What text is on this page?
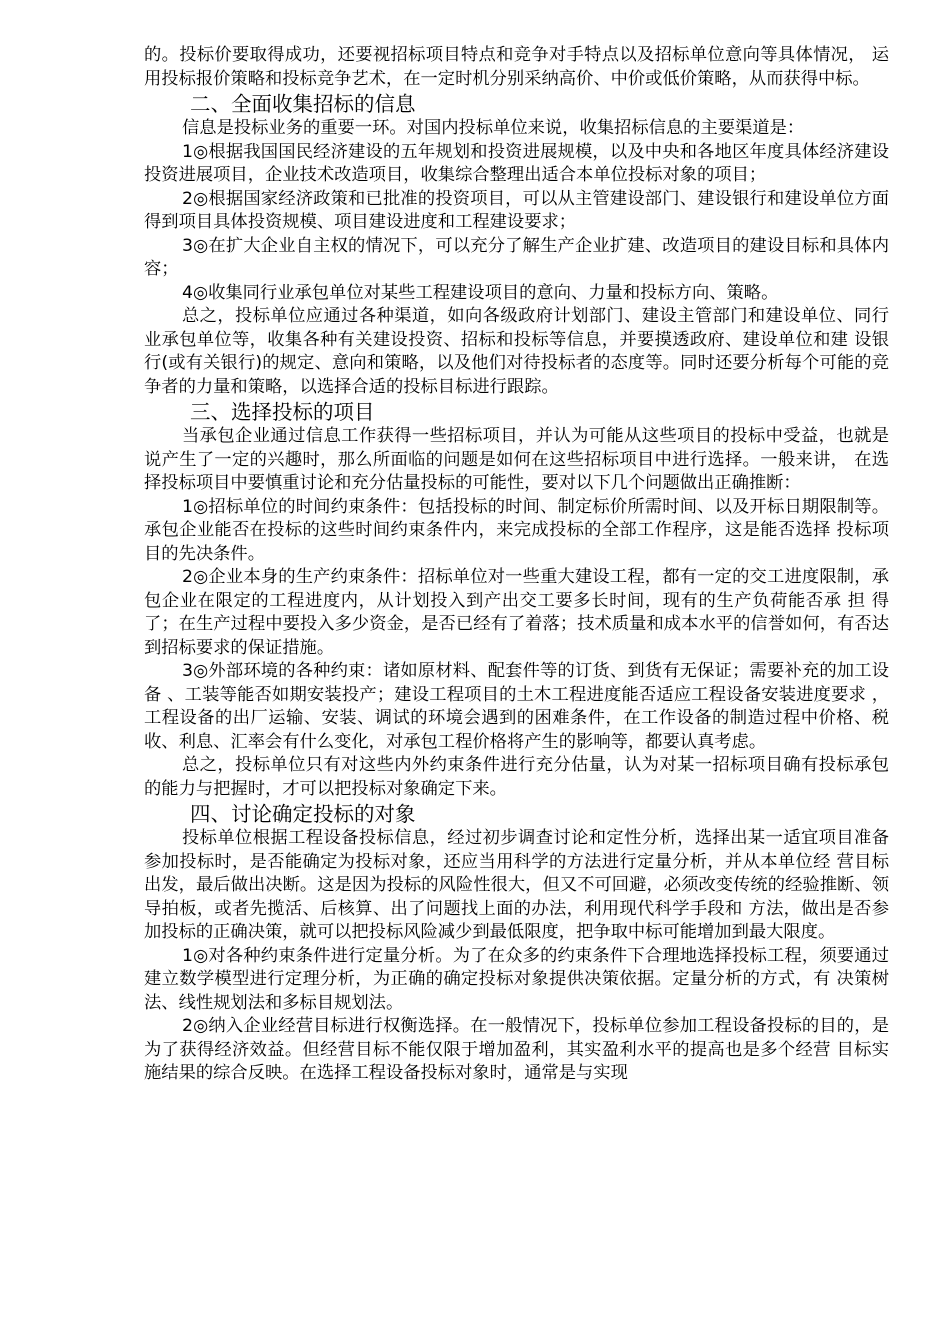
的。投标价要取得成功，还要视招标项目特点和竞争对手特点以及招标单位意向等具体情况， 运用投标报价策略和投标竞争艺术，在一定时机分别采纳高价、中价或低价策略，从而获得中标。

二、全面收集招标的信息

信息是投标业务的重要一环。对国内投标单位来说，收集招标信息的主要渠道是：

1◎根据我国国民经济建设的五年规划和投资进展规模，以及中央和各地区年度具体经济建设投资进展项目，企业技术改造项目，收集综合整理出适合本单位投标对象的项目；

2◎根据国家经济政策和已批准的投资项目，可以从主管建设部门、建设银行和建设单位方面得到项目具体投资规模、项目建设进度和工程建设要求；

3◎在扩大企业自主权的情况下，可以充分了解生产企业扩建、改造项目的建设目标和具体内容；

4◎收集同行业承包单位对某些工程建设项目的意向、力量和投标方向、策略。

总之，投标单位应通过各种渠道，如向各级政府计划部门、建设主管部门和建设单位、同行业承包单位等，收集各种有关建设投资、招标和投标等信息，并要摸透政府、建设单位和建 设银行(或有关银行)的规定、意向和策略，以及他们对待投标者的态度等。同时还要分析每个可能的竞争者的力量和策略，以选择合适的投标目标进行跟踪。

三、选择投标的项目

当承包企业通过信息工作获得一些招标项目，并认为可能从这些项目的投标中受益，也就是说产生了一定的兴趣时，那么所面临的问题是如何在这些招标项目中进行选择。一般来讲， 在选择投标项目中要慎重讨论和充分估量投标的可能性，要对以下几个问题做出正确推断：

1◎招标单位的时间约束条件：包括投标的时间、制定标价所需时间、以及开标日期限制等。承包企业能否在投标的这些时间约束条件内，来完成投标的全部工作程序，这是能否选择 投标项目的先决条件。

2◎企业本身的生产约束条件：招标单位对一些重大建设工程，都有一定的交工进度限制，承包企业在限定的工程进度内，从计划投入到产出交工要多长时间，现有的生产负荷能否承 担 得了；在生产过程中要投入多少资金，是否已经有了着落；技术质量和成本水平的信誉如何，有否达到招标要求的保证措施。

3◎外部环境的各种约束：诸如原材料、配套件等的订货、到货有无保证；需要补充的加工设备 、工装等能否如期安装投产；建设工程项目的土木工程进度能否适应工程设备安装进度要求 ，工程设备的出厂运输、安装、调试的环境会遇到的困难条件，在工作设备的制造过程中价格、税收、利息、汇率会有什么变化，对承包工程价格将产生的影响等，都要认真考虑。

总之，投标单位只有对这些内外约束条件进行充分估量，认为对某一招标项目确有投标承包的能力与把握时，才可以把投标对象确定下来。

四、讨论确定投标的对象

投标单位根据工程设备投标信息，经过初步调查讨论和定性分析，选择出某一适宜项目准备参加投标时，是否能确定为投标对象，还应当用科学的方法进行定量分析，并从本单位经 营目标出发，最后做出决断。这是因为投标的风险性很大，但又不可回避，必须改变传统的经验推断、领导拍板，或者先揽活、后核算、出了问题找上面的办法，利用现代科学手段和 方法，做出是否参加投标的正确决策，就可以把投标风险减少到最低限度，把争取中标可能增加到最大限度。

1◎对各种约束条件进行定量分析。为了在众多的约束条件下合理地选择投标工程，须要通过建立数学模型进行定理分析，为正确的确定投标对象提供决策依据。定量分析的方式，有 决策树法、线性规划法和多标目规划法。

2◎纳入企业经营目标进行权衡选择。在一般情况下，投标单位参加工程设备投标的目的，是为了获得经济效益。但经营目标不能仅限于增加盈利，其实盈利水平的提高也是多个经营 目标实施结果的综合反映。在选择工程设备投标对象时，通常是与实现
